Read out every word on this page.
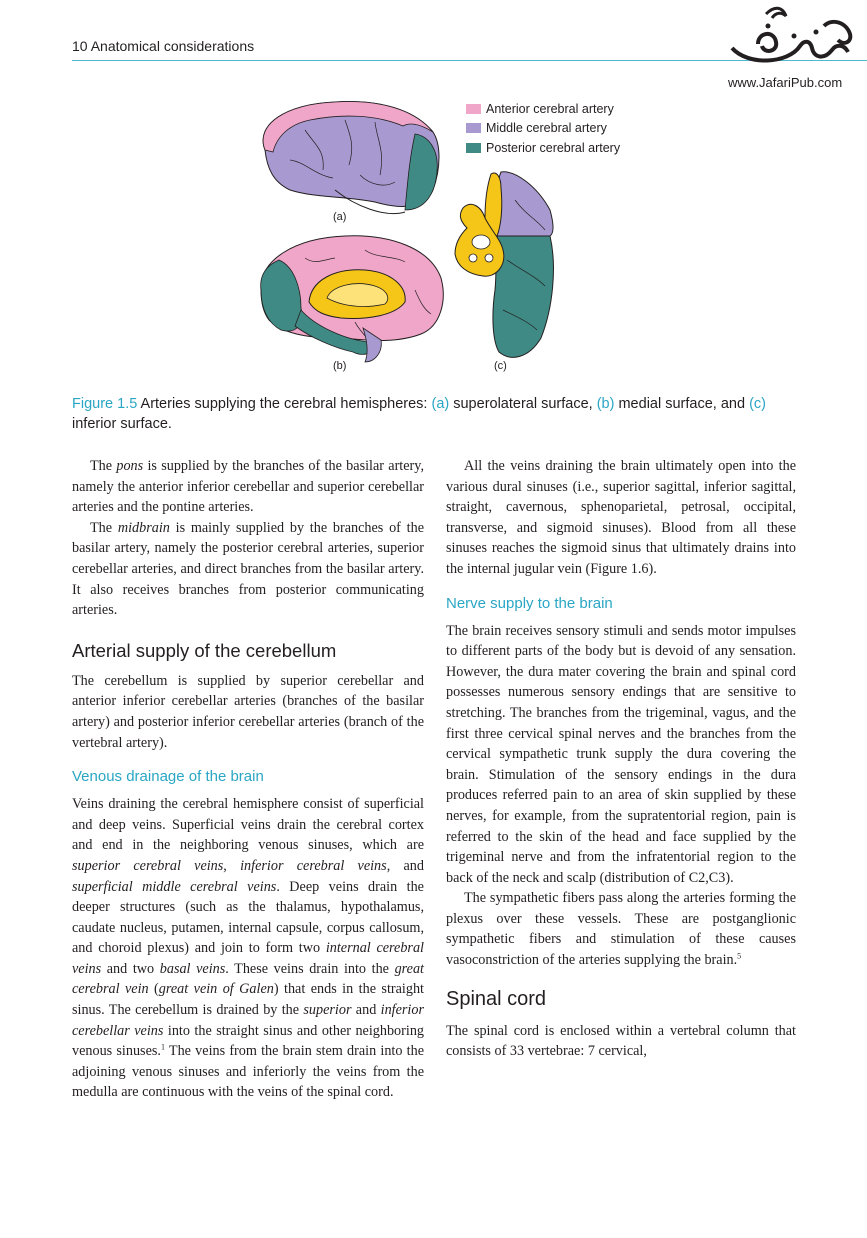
10 Anatomical considerations
www.JafariPub.com
(a)
(b)	(c)
Anterior cerebral artery
Middle cerebral artery
Posterior cerebral artery
Figure 1.5 Arteries supplying the cerebral hemispheres: (a) superolateral surface, (b) medial surface, and (c) inferior surface.

The pons is supplied by the branches of the basilar artery, namely the anterior inferior cerebellar and superior cerebellar arteries and the pontine arteries.

The midbrain is mainly supplied by the branches of the basilar artery, namely the posterior cerebral arteries, superior cerebellar arteries, and direct branches from the basilar artery. It also receives branches from posterior communicating arteries.

Arterial supply of the cerebellum

The cerebellum is supplied by superior cerebellar and anterior inferior cerebellar arteries (branches of the basilar artery) and posterior inferior cerebellar arteries (branch of the vertebral artery).

Venous drainage of the brain

Veins draining the cerebral hemisphere consist of superficial and deep veins. Superficial veins drain the cerebral cortex and end in the neighboring venous sinuses, which are superior cerebral veins, inferior cerebral veins, and superficial middle cerebral veins. Deep veins drain the deeper structures (such as the thalamus, hypothalamus, caudate nucleus, putamen, internal capsule, corpus callosum, and choroid plexus) and join to form two internal cerebral veins and two basal veins. These veins drain into the great cerebral vein (great vein of Galen) that ends in the straight sinus. The cerebellum is drained by the superior and inferior cerebellar veins into the straight sinus and other neighboring venous sinuses.$^1$ The veins from the brain stem drain into the adjoining venous sinuses and inferiorly the veins from the medulla are continuous with the veins of the spinal cord.

All the veins draining the brain ultimately open into the various dural sinuses (i.e., superior sagittal, inferior sagittal, straight, cavernous, sphenoparietal, petrosal, occipital, transverse, and sigmoid sinuses). Blood from all these sinuses reaches the sigmoid sinus that ultimately drains into the internal jugular vein (Figure 1.6).

Nerve supply to the brain

The brain receives sensory stimuli and sends motor impulses to different parts of the body but is devoid of any sensation. However, the dura mater covering the brain and spinal cord possesses numerous sensory endings that are sensitive to stretching. The branches from the trigeminal, vagus, and the first three cervical spinal nerves and the branches from the cervical sympathetic trunk supply the dura covering the brain. Stimulation of the sensory endings in the dura produces referred pain to an area of skin supplied by these nerves, for example, from the supratentorial region, pain is referred to the skin of the head and face supplied by the trigeminal nerve and from the infratentorial region to the back of the neck and scalp (distribution of C2,C3).

The sympathetic fibers pass along the arteries forming the plexus over these vessels. These are postganglionic sympathetic fibers and stimulation of these causes vasoconstriction of the arteries supplying the brain.$^5$

Spinal cord

The spinal cord is enclosed within a vertebral column that consists of 33 vertebrae: 7 cervical,
